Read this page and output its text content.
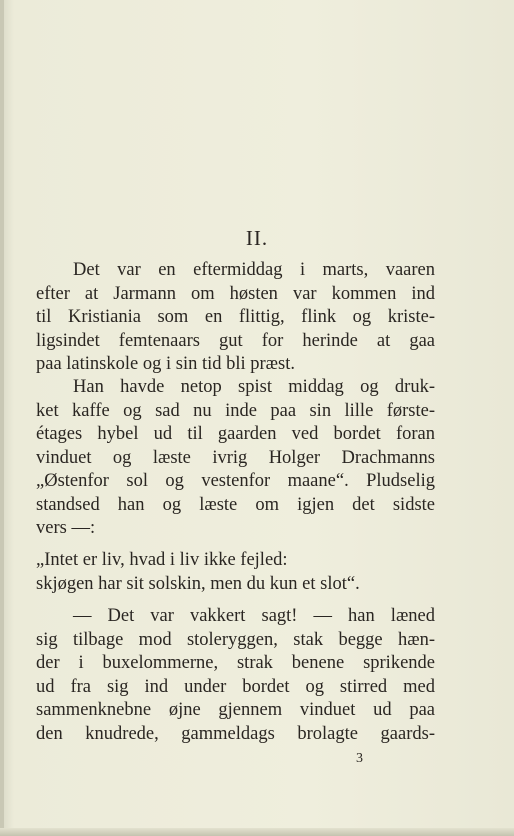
II.
Det var en eftermiddag i marts, vaaren
efter at Jarmann om høsten var kommen ind
til Kristiania som en flittig, flink og kriste-
ligsindet femtenaars gut for herinde at gaa
paa latinskole og i sin tid bli præst.
Han havde netop spist middag og druk-
ket kaffe og sad nu inde paa sin lille første-
étages hybel ud til gaarden ved bordet foran
vinduet og læste ivrig Holger Drachmanns
„Østenfor sol og vestenfor maane“. Pludselig
standsed han og læste om igjen det sidste
vers —:
„Intet er liv, hvad i liv ikke fejled:
skjøgen har sit solskin, men du kun et slot“.
— Det var vakkert sagt! — han læned
sig tilbage mod stoleryggen, stak begge hæn-
der i buxelommerne, strak benene sprikende
ud fra sig ind under bordet og stirred med
sammenknebne øjne gjennem vinduet ud paa
den knudrede, gammeldags brolagte gaards-
3
